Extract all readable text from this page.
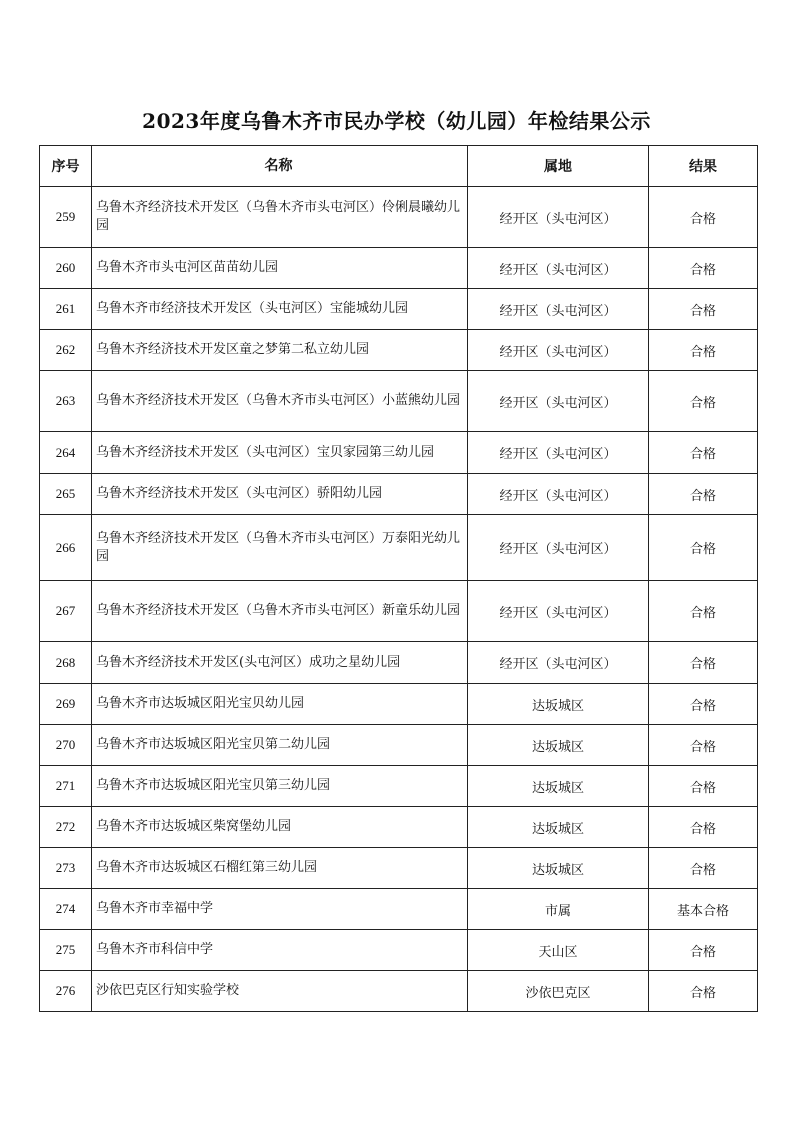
2023年度乌鲁木齐市民办学校（幼儿园）年检结果公示
序号	名称	属地	结果
259	乌鲁木齐经济技术开发区（乌鲁木齐市头屯河区）伶俐晨曦幼儿园	经开区（头屯河区）	合格
260	乌鲁木齐市头屯河区苗苗幼儿园	经开区（头屯河区）	合格
261	乌鲁木齐市经济技术开发区（头屯河区）宝能城幼儿园	经开区（头屯河区）	合格
262	乌鲁木齐经济技术开发区童之梦第二私立幼儿园	经开区（头屯河区）	合格
263	乌鲁木齐经济技术开发区（乌鲁木齐市头屯河区）小蓝熊幼儿园	经开区（头屯河区）	合格
264	乌鲁木齐经济技术开发区（头屯河区）宝贝家园第三幼儿园	经开区（头屯河区）	合格
265	乌鲁木齐经济技术开发区（头屯河区）骄阳幼儿园	经开区（头屯河区）	合格
266	乌鲁木齐经济技术开发区（乌鲁木齐市头屯河区）万泰阳光幼儿园	经开区（头屯河区）	合格
267	乌鲁木齐经济技术开发区（乌鲁木齐市头屯河区）新童乐幼儿园	经开区（头屯河区）	合格
268	乌鲁木齐经济技术开发区(头屯河区）成功之星幼儿园	经开区（头屯河区）	合格
269	乌鲁木齐市达坂城区阳光宝贝幼儿园	达坂城区	合格
270	乌鲁木齐市达坂城区阳光宝贝第二幼儿园	达坂城区	合格
271	乌鲁木齐市达坂城区阳光宝贝第三幼儿园	达坂城区	合格
272	乌鲁木齐市达坂城区柴窝堡幼儿园	达坂城区	合格
273	乌鲁木齐市达坂城区石榴红第三幼儿园	达坂城区	合格
274	乌鲁木齐市幸福中学	市属	基本合格
275	乌鲁木齐市科信中学	天山区	合格
276	沙依巴克区行知实验学校	沙依巴克区	合格
